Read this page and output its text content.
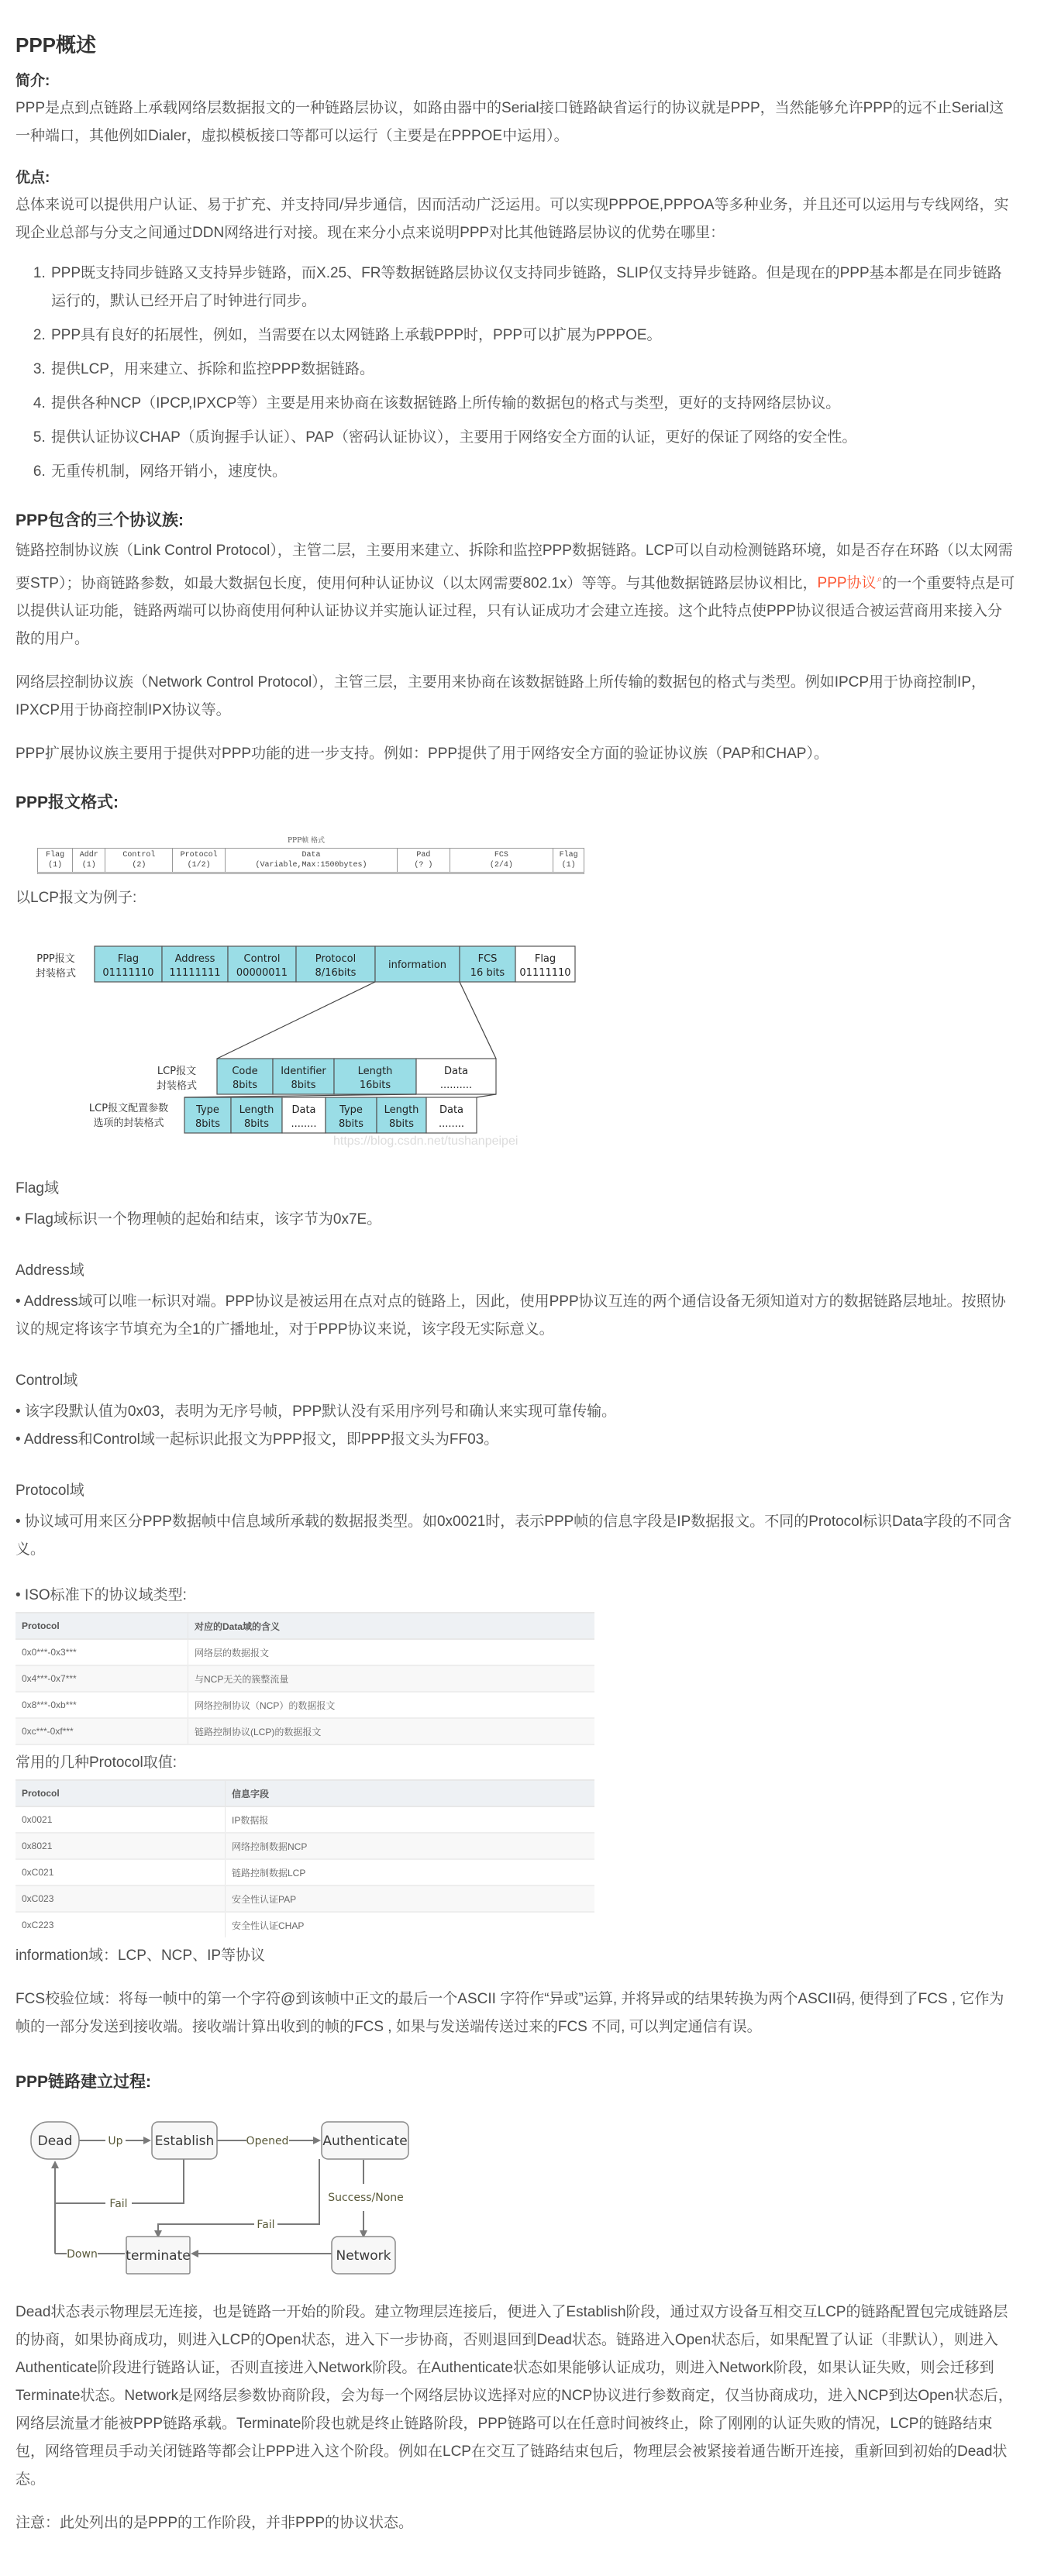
PPP概述
简介:

PPP是点到点链路上承载网络层数据报文的一种链路层协议，如路由器中的Serial接口链路缺省运行的协议就是PPP，当然能够允许PPP的远不止Serial这一种端口，其他例如Dialer，虚拟模板接口等都可以运行（主要是在PPPOE中运用）。

优点:

总体来说可以提供用户认证、易于扩充、并支持同/异步通信，因而活动广泛运用。可以实现PPPOE,PPPOA等多种业务，并且还可以运用与专线网络，实现企业总部与分支之间通过DDN网络进行对接。现在来分小点来说明PPP对比其他链路层协议的优势在哪里：

1. PPP既支持同步链路又支持异步链路，而X.25、FR等数据链路层协议仅支持同步链路，SLIP仅支持异步链路。但是现在的PPP基本都是在同步链路运行的，默认已经开启了时钟进行同步。
2. PPP具有良好的拓展性，例如，当需要在以太网链路上承载PPP时，PPP可以扩展为PPPOE。
3. 提供LCP，用来建立、拆除和监控PPP数据链路。
4. 提供各种NCP（IPCP,IPXCP等）主要是用来协商在该数据链路上所传输的数据包的格式与类型，更好的支持网络层协议。
5. 提供认证协议CHAP（质询握手认证）、PAP（密码认证协议），主要用于网络安全方面的认证，更好的保证了网络的安全性。
6. 无重传机制，网络开销小，速度快。
PPP包含的三个协议族:

链路控制协议族（Link Control Protocol），主管二层，主要用来建立、拆除和监控PPP数据链路。LCP可以自动检测链路环境，如是否存在环路（以太网需要STP）；协商链路参数，如最大数据包长度，使用何种认证协议（以太网需要802.1x）等等。与其他数据链路层协议相比，PPP协议⌕的一个重要特点是可以提供认证功能，链路两端可以协商使用何种认证协议并实施认证过程，只有认证成功才会建立连接。这个此特点使PPP协议很适合被运营商用来接入分散的用户。

网络层控制协议族（Network Control Protocol），主管三层，主要用来协商在该数据链路上所传输的数据包的格式与类型。例如IPCP用于协商控制IP，IPXCP用于协商控制IPX协议等。

PPP扩展协议族主要用于提供对PPP功能的进一步支持。例如：PPP提供了用于网络安全方面的验证协议族（PAP和CHAP）。

PPP报文格式:
PPP帧 格式
Flag
(1)
Addr
(1)
Control
(2)
Protocol
(1/2)
Data
(Variable,Max:1500bytes)
Pad
(? )
FCS
(2/4)
Flag
(1)
以LCP报文为例子:
Flag
01111110
Address
11111111
Control
00000011
Protocol
8/16bits
information
FCS
16 bits
Flag
01111110
PPP报文
封装格式
Code
8bits
Identifier
8bits
Length
16bits
Data
..........
LCP报文
封装格式
Type
8bits
Length
8bits
Data
........
Type
8bits
Length
8bits
Data
........
LCP报文配置参数
选项的封装格式
https://blog.csdn.net/tushanpeipei
Flag域
• Flag域标识一个物理帧的起始和结束，该字节为0x7E。
Address域
• Address域可以唯一标识对端。PPP协议是被运用在点对点的链路上，因此，使用PPP协议互连的两个通信设备无须知道对方的数据链路层地址。按照协议的规定将该字节填充为全1的广播地址，对于PPP协议来说，该字段无实际意义。
Control域
• 该字段默认值为0x03，表明为无序号帧，PPP默认没有采用序列号和确认来实现可靠传输。
• Address和Control域一起标识此报文为PPP报文，即PPP报文头为FF03。
Protocol域
• 协议域可用来区分PPP数据帧中信息域所承载的数据报类型。如0x0021时，表示PPP帧的信息字段是IP数据报文。不同的Protocol标识Data字段的不同含义。
• ISO标准下的协议域类型:
Protocol	对应的Data域的含义
0x0***-0x3***	网络层的数据报文
0x4***-0x7***	与NCP无关的簇整流量
0x8***-0xb***	网络控制协议（NCP）的数据报文
0xc***-0xf***	链路控制协议(LCP)的数据报文
常用的几种Protocol取值:
Protocol	信息字段
0x0021	IP数据报
0x8021	网络控制数据NCP
0xC021	链路控制数据LCP
0xC023	安全性认证PAP
0xC223	安全性认证CHAP

information域：LCP、NCP、IP等协议

FCS校验位域：将每一帧中的第一个字符@到该帧中正文的最后一个ASCII 字符作“异或”运算, 并将异或的结果转换为两个ASCII码, 便得到了FCS , 它作为帧的一部分发送到接收端。接收端计算出收到的帧的FCS , 如果与发送端传送过来的FCS 不同, 可以判定通信有误。

PPP链路建立过程:
Dead	Establish	Authenticate
terminate	Network
Up	Opened
Fail
Fail
Success/None
Down

Dead状态表示物理层无连接，也是链路一开始的阶段。建立物理层连接后，便进入了Establish阶段，通过双方设备互相交互LCP的链路配置包完成链路层的协商，如果协商成功，则进入LCP的Open状态，进入下一步协商，否则退回到Dead状态。链路进入Open状态后，如果配置了认证（非默认），则进入Authenticate阶段进行链路认证，否则直接进入Network阶段。在Authenticate状态如果能够认证成功，则进入Network阶段，如果认证失败，则会迁移到Terminate状态。Network是网络层参数协商阶段，会为每一个网络层协议选择对应的NCP协议进行参数商定，仅当协商成功，进入NCP到达Open状态后，网络层流量才能被PPP链路承载。Terminate阶段也就是终止链路阶段，PPP链路可以在任意时间被终止，除了刚刚的认证失败的情况，LCP的链路结束包，网络管理员手动关闭链路等都会让PPP进入这个阶段。例如在LCP在交互了链路结束包后，物理层会被紧接着通告断开连接，重新回到初始的Dead状态。

注意：此处列出的是PPP的工作阶段，并非PPP的协议状态。
